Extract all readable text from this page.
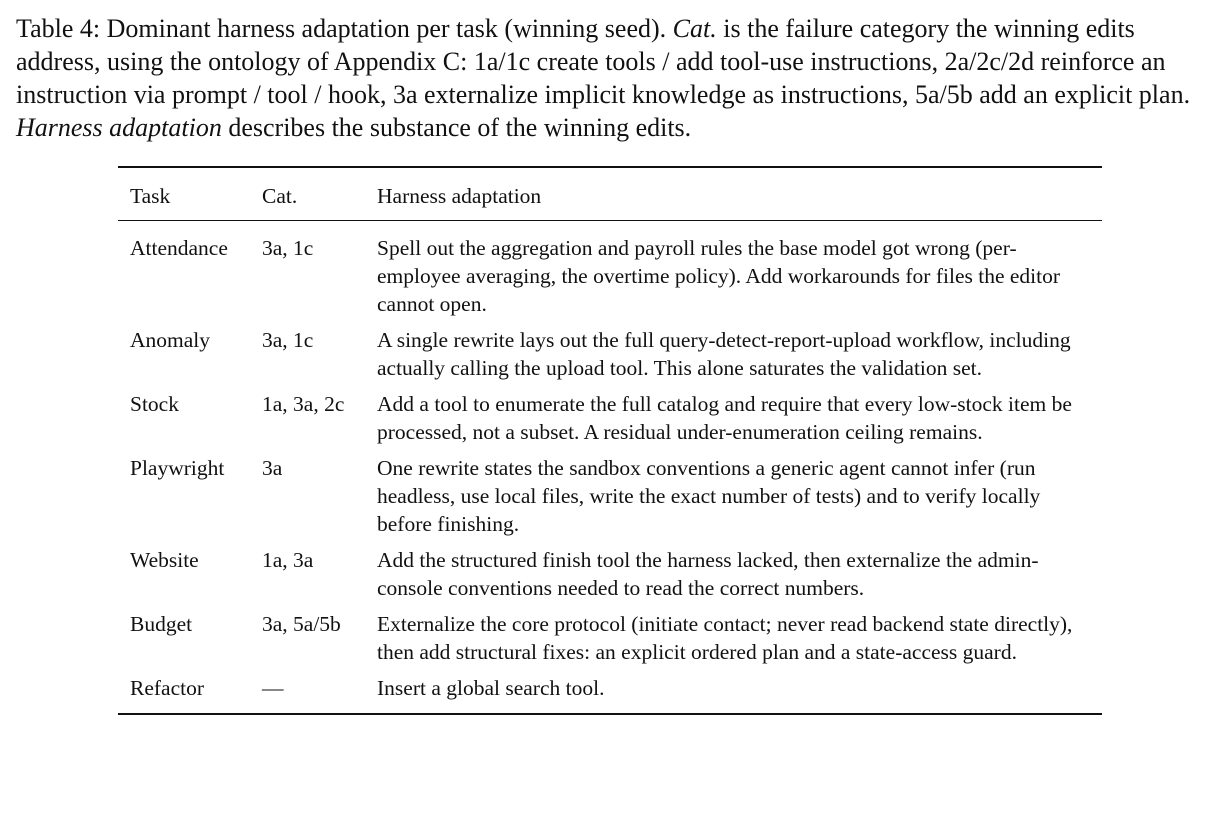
Table 4: Dominant harness adaptation per task (winning seed). Cat. is the failure category the winning edits address, using the ontology of Appendix C: 1a/1c create tools / add tool-use instructions, 2a/2c/2d reinforce an instruction via prompt / tool / hook, 3a externalize implicit knowledge as instructions, 5a/5b add an explicit plan. Harness adaptation describes the substance of the winning edits.

Task	Cat.	Harness adaptation
Attendance	3a, 1c	Spell out the aggregation and payroll rules the base model got wrong (per-employee averaging, the overtime policy). Add workarounds for files the editor cannot open.
Anomaly	3a, 1c	A single rewrite lays out the full query-detect-report-upload workflow, including actually calling the upload tool. This alone saturates the validation set.
Stock	1a, 3a, 2c	Add a tool to enumerate the full catalog and require that every low-stock item be processed, not a subset. A residual under-enumeration ceiling remains.
Playwright	3a	One rewrite states the sandbox conventions a generic agent cannot infer (run headless, use local files, write the exact number of tests) and to verify locally before finishing.
Website	1a, 3a	Add the structured finish tool the harness lacked, then externalize the admin-console conventions needed to read the correct numbers.
Budget	3a, 5a/5b	Externalize the core protocol (initiate contact; never read backend state directly), then add structural fixes: an explicit ordered plan and a state-access guard.
Refactor	—	Insert a global search tool.
